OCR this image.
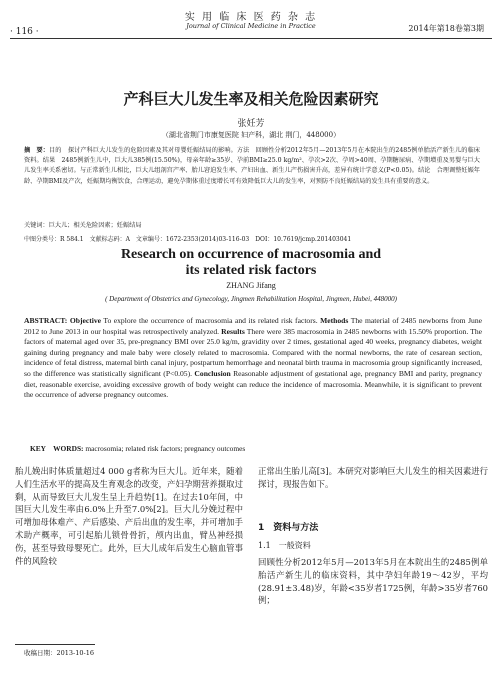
· 116 ·
实 用 临 床 医 药 杂 志
Journal of Clinical Medicine in Practice	2014年第18卷第3期
产科巨大儿发生率及相关危险因素研究
张妊芳
（湖北省荆门市康复医院 妇产科，湖北 荆门，448000）
摘　要：目的　探讨产科巨大儿发生的危险因素及其对母婴妊娠结局的影响。方法　回顾性分析2012年5月—2013年5月在本院出生的2485例单胎活产新生儿的临床资料。结果　2485例新生儿中，巨大儿385例(15.50%)，母亲年龄≥35岁、孕前BMI≥25.0 kg/m²、孕次>2次、孕周>40周、孕期糖尿病、孕期增重及男婴与巨大儿发生率关系密切。与正常新生儿相比，巨大儿组剖宫产率、胎儿窘迫发生率、产妇出血、新生儿产伤损害升高，差异有统计学意义(P<0.05)。结论　合理调整妊娠年龄、孕期BMI及产次，妊娠期均衡饮食，合理运动，避免孕期体重过度增长可有效降低巨大儿的发生率，对预防不良妊娠结局的发生具有重要的意义。
关键词：巨大儿；相关危险因素；妊娠结局
中图分类号：R 584.1　文献标志码：A　文章编号：1672-2353(2014)03-116-03　DOI：10.7619/jcmp.201403041
Research on occurrence of macrosomia and
its related risk factors
ZHANG Jifang
( Department of Obstetrics and Gynecology, Jingmen Rehabilitation Hospital, Jingmen, Hubei, 448000)
ABSTRACT: Objective To explore the occurrence of macrosomia and its related risk factors. Methods The material of 2485 newborns from June 2012 to June 2013 in our hospital was retrospectively analyzed. Results There were 385 macrosomia in 2485 newborns with 15.50% proportion. The factors of maternal aged over 35, pre-pregnancy BMI over 25.0 kg/m, gravidity over 2 times, gestational aged 40 weeks, pregnancy diabetes, weight gaining during pregnancy and male baby were closely related to macrosomia. Compared with the normal newborns, the rate of cesarean section, incidence of fetal distress, maternal birth canal injury, postpartum hemorrhage and neonatal birth trauma in macrosomia group significantly increased, so the difference was statistically significant (P<0.05). Conclusion Reasonable adjustment of gestational age, pregnancy BMI and parity, pregnancy diet, reasonable exercise, avoiding excessive growth of body weight can reduce the incidence of macrosomia. Meanwhile, it is significant to prevent the occurrence of adverse pregnancy outcomes.
KEY　WORDS: macrosomia; related risk factors; pregnancy outcomes
胎儿娩出时体质量超过4 000 g者称为巨大儿。近年来，随着人们生活水平的提高及生育观念的改变，产妇孕期营养摄取过剩，从而导致巨大儿发生呈上升趋势[1]。在过去10年间，中国巨大儿发生率由6.0%上升至7.0%[2]。巨大儿分娩过程中可增加母体难产、产后感染、产后出血的发生率，并可增加手术助产概率，可引起胎儿锁骨骨折，颅内出血，臂丛神经损伤，甚至导致母婴死亡。此外，巨大儿成年后发生心脑血管事件的风险较
正常出生胎儿高[3]。本研究对影响巨大儿发生的相关因素进行探讨，现报告如下。
1　资料与方法
1.1　一般资料
回顾性分析2012年5月—2013年5月在本院出生的2485例单胎活产新生儿的临床资料，其中孕妇年龄19～42岁，平均(28.91±3.48)岁，年龄<35岁者1725例，年龄>35岁者760例；
收稿日期：2013-10-16
